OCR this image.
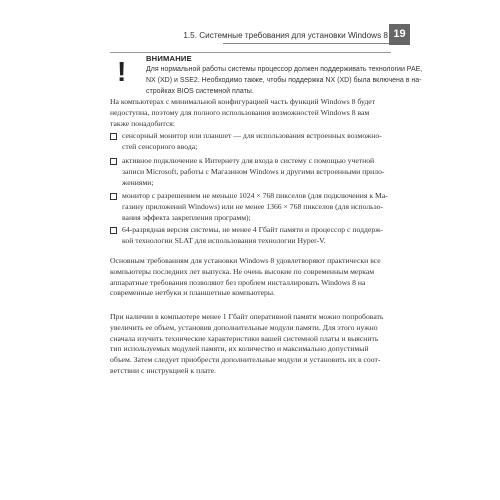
1.5. Системные требования для установки Windows 8 19
!	ВНИМАНИЕ
Для нормальной работы системы процессор должен поддерживать технологии PAE,
NX (XD) и SSE2. Необходимо также, чтобы поддержка NX (XD) была включена в на-
стройках BIOS системной платы.
На компьютерах с минимальной конфигурацией часть функций Windows 8 будет
недоступна, поэтому для полного использования возможностей Windows 8 вам
также понадобится:
сенсорный монитор или планшет — для использования встроенных возможно-
стей сенсорного ввода;
активное подключение к Интернету для входа в систему с помощью учетной
записи Microsoft, работы с Магазином Windows и другими встроенными прило-
жениями;
монитор с разрешением не меньше 1024 × 768 пикселов (для подключения к Ма-
газину приложений Windows) или не менее 1366 × 768 пикселов (для использо-
вания эффекта закрепления программ);
64-разрядная версия системы, не менее 4 Гбайт памяти и процессор с поддерж-
кой технологии SLAT для использования технологии Hyper-V.
Основным требованиям для установки Windows 8 удовлетворяют практически все
компьютеры последних лет выпуска. Не очень высокие по современным меркам
аппаратные требования позволяют без проблем инсталлировать Windows 8 на
современные нетбуки и планшетные компьютеры.
При наличии в компьютере менее 1 Гбайт оперативной памяти можно попробовать
увеличить ее объем, установив дополнительные модули памяти. Для этого нужно
сначала изучить технические характеристики вашей системной платы и выяснить
тип используемых модулей памяти, их количество и максимально допустимый
объем. Затем следует приобрести дополнительные модули и установить их в соот-
ветствии с инструкцией к плате.
